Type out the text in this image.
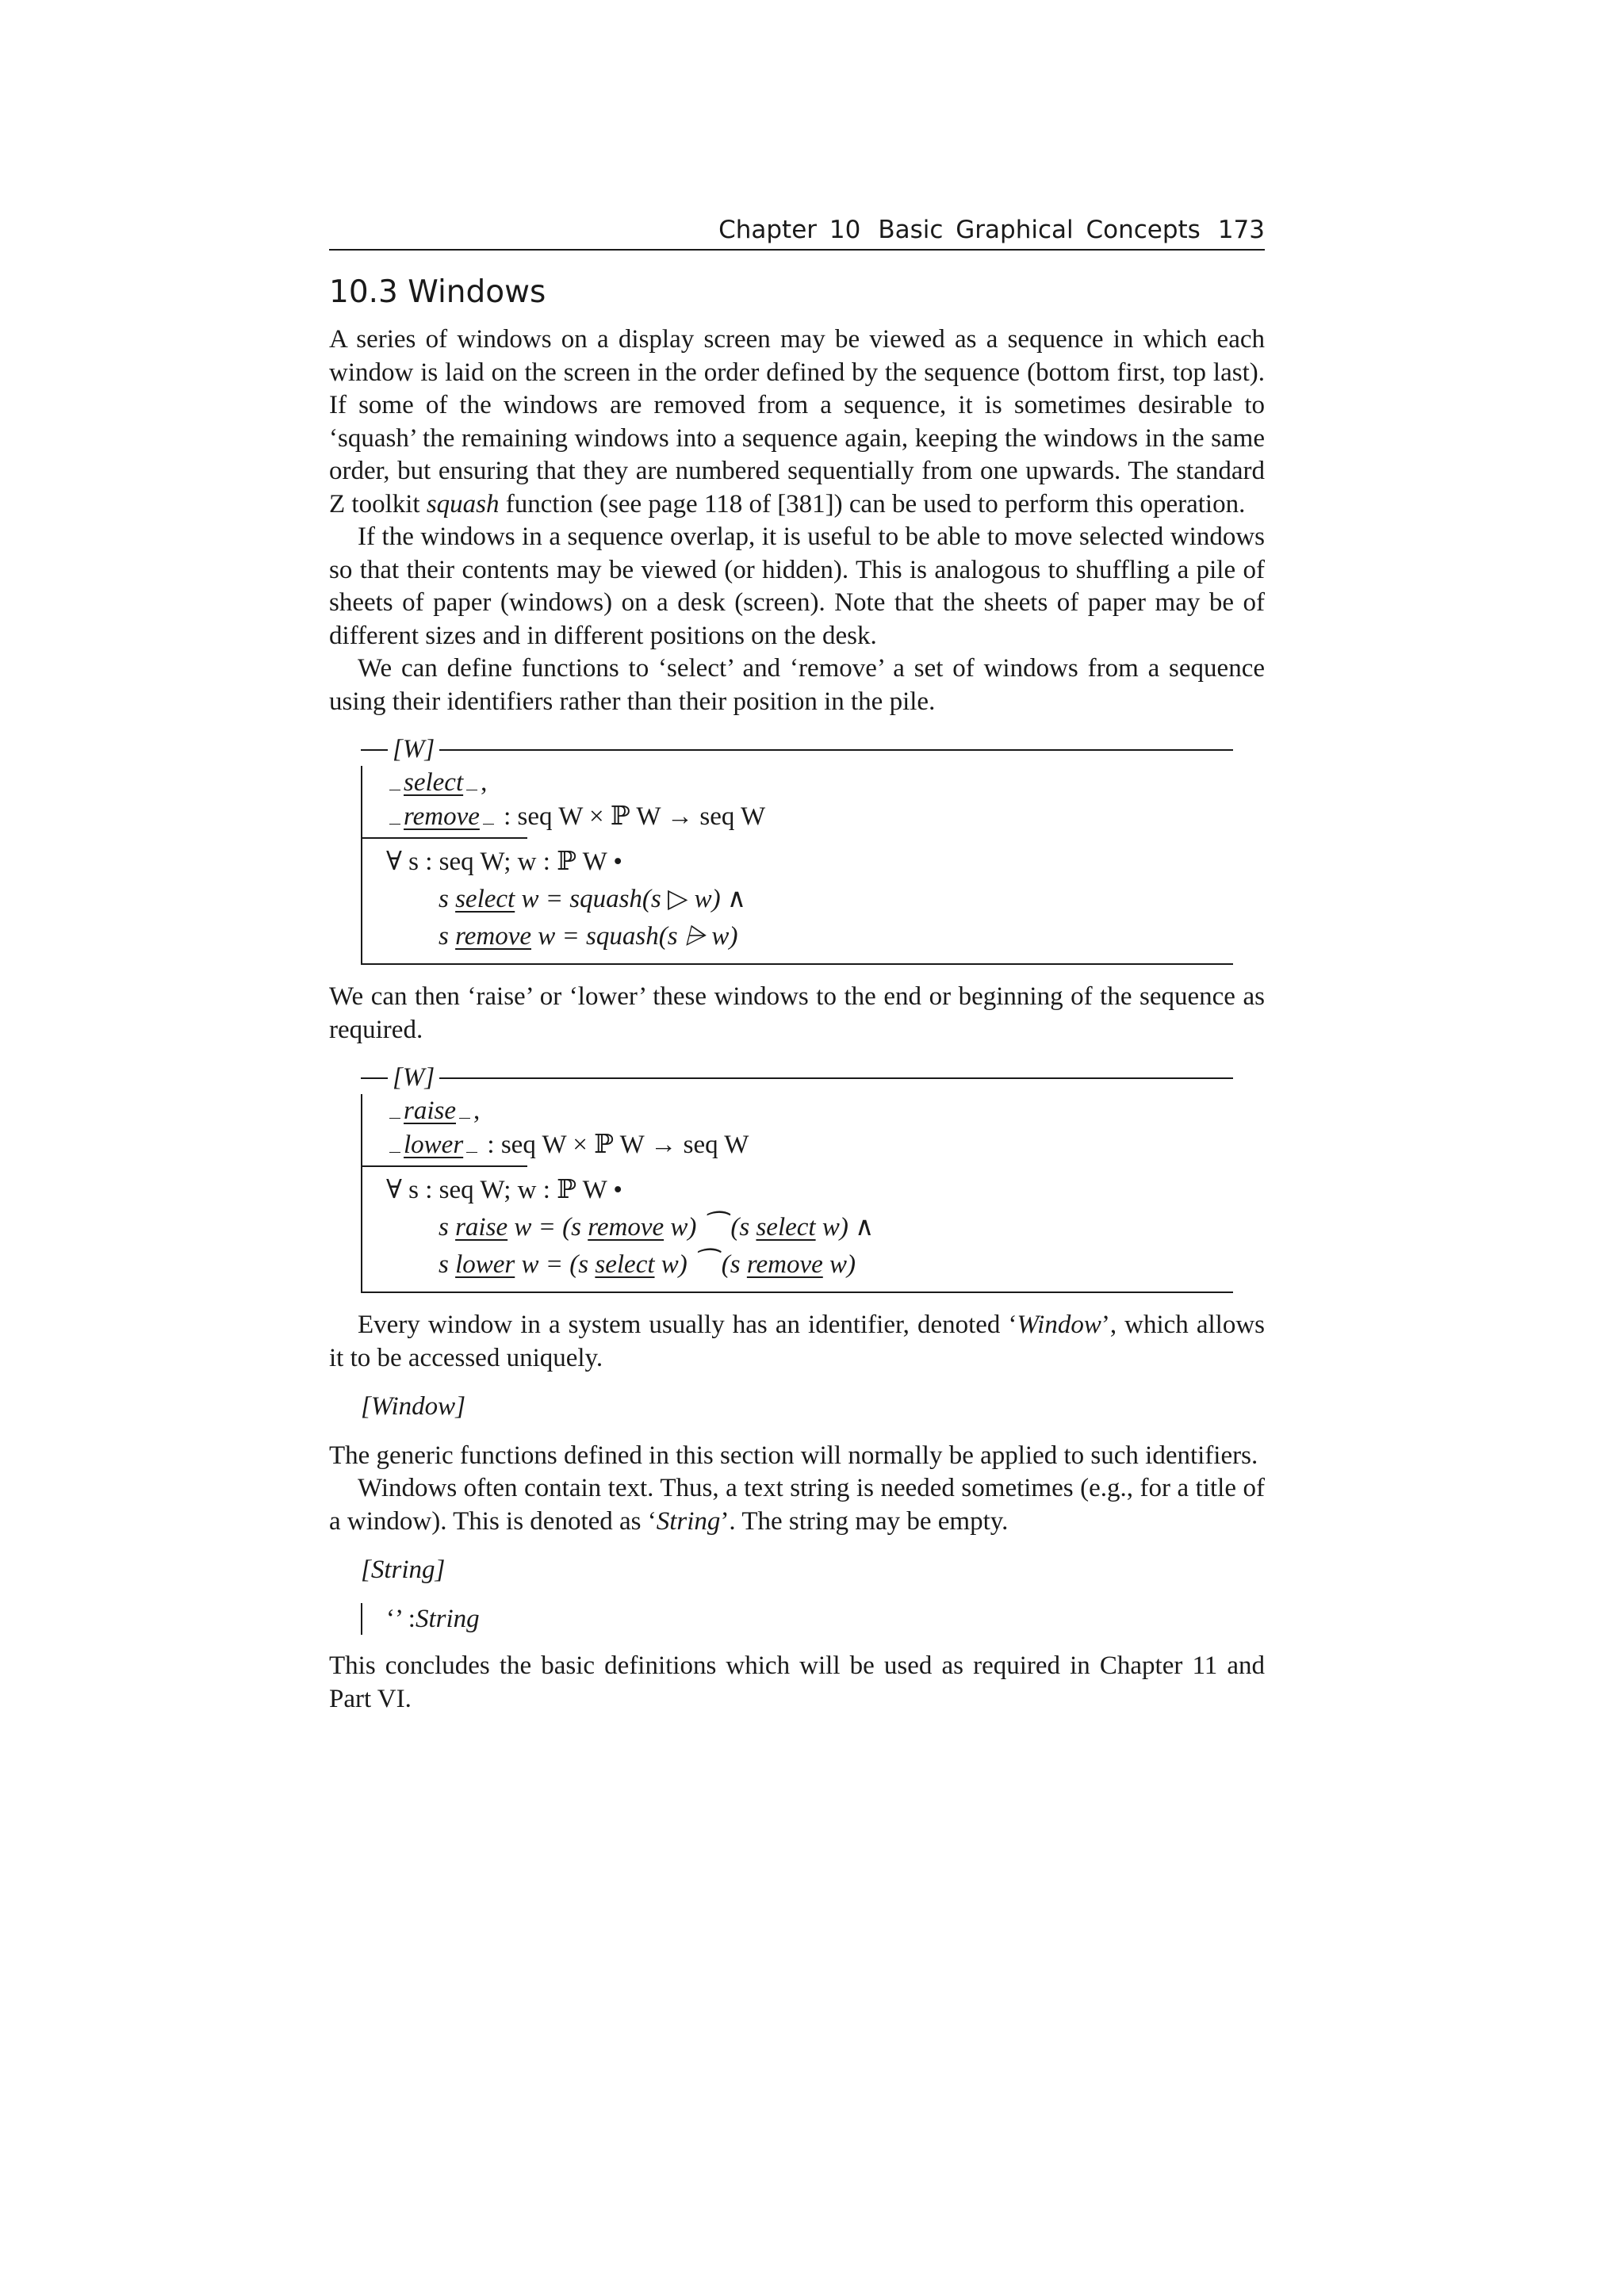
Chapter 10 Basic Graphical Concepts 173
10.3 Windows

A series of windows on a display screen may be viewed as a sequence in which each window is laid on the screen in the order defined by the sequence (bottom first, top last). If some of the windows are removed from a sequence, it is sometimes desirable to ‘squash’ the remaining windows into a sequence again, keeping the windows in the same order, but ensuring that they are numbered sequentially from one upwards. The standard Z toolkit squash function (see page 118 of [381]) can be used to perform this operation.

If the windows in a sequence overlap, it is useful to be able to move selected windows so that their contents may be viewed (or hidden). This is analogous to shuffling a pile of sheets of paper (windows) on a desk (screen). Note that the sheets of paper may be of different sizes and in different positions on the desk.

We can define functions to ‘select’ and ‘remove’ a set of windows from a sequence using their identifiers rather than their position in the pile.

[W]
select ,
remove : seq W × ℙ W → seq W
∀ s : seq W; w : ℙ W •
s select w = squash(s ▷ w) ∧
s remove w = squash(s ⩥ w)

We can then ‘raise’ or ‘lower’ these windows to the end or beginning of the sequence as required.

[W]
raise ,
lower : seq W × ℙ W → seq W
∀ s : seq W; w : ℙ W •
s raise w = (s remove w) ⁀ (s select w) ∧
s lower w = (s select w) ⁀ (s remove w)

Every window in a system usually has an identifier, denoted ‘Window’, which allows it to be accessed uniquely.

[Window]

The generic functions defined in this section will normally be applied to such identifiers.

Windows often contain text. Thus, a text string is needed sometimes (e.g., for a title of a window). This is denoted as ‘String’. The string may be empty.

[String]
‘’ : String

This concludes the basic definitions which will be used as required in Chapter 11 and Part VI.
